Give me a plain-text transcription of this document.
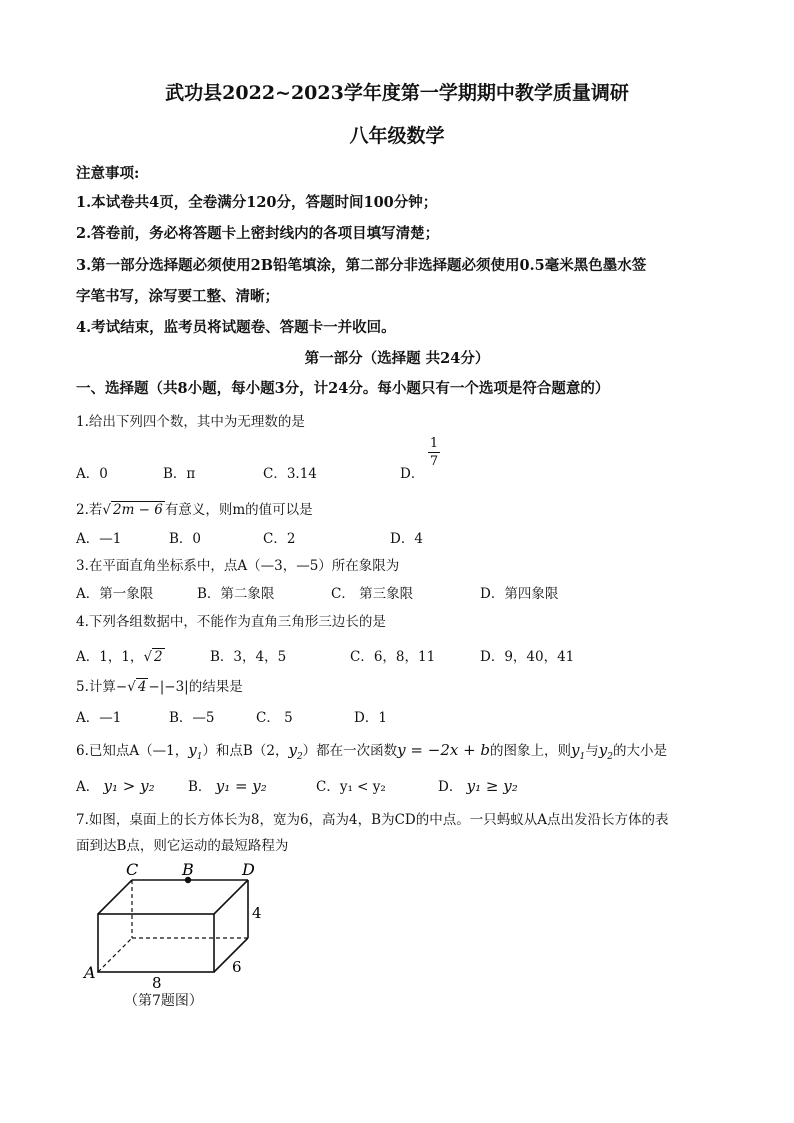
武功县2022~2023学年度第一学期期中教学质量调研
八年级数学
注意事项:
1.本试卷共4页，全卷满分120分，答题时间100分钟；
2.答卷前，务必将答题卡上密封线内的各项目填写清楚；
3.第一部分选择题必须使用2B铅笔填涂，第二部分非选择题必须使用0.5毫米黑色墨水签
字笔书写，涂写要工整、清晰；
4.考试结束，监考员将试题卷、答题卡一并收回。
第一部分（选择题 共24分）
一、选择题（共8小题，每小题3分，计24分。每小题只有一个选项是符合题意的）
1.给出下列四个数，其中为无理数的是
A．0	B．π	C．3.14	D．
$\frac{1}{7}$
2.若√ 2m − 6 有意义，则m的值可以是
A．—1	B．0	C．2	D．4
3.在平面直角坐标系中，点A（—3，—5）所在象限为
A．第一象限	B．第二象限	C． 第三象限	D．第四象限
4.下列各组数据中，不能作为直角三角形三边长的是
A．1，1，√ 2	B．3，4，5	C．6，8，11	D．9，40，41
5.计算−√ 4 −|−3|的结果是
A．—1	B．—5	C． 5	D．1
6.已知点A（—1，$y_1$）和点B（2，$y_2$）都在一次函数y = −2x + b的图象上，则$y_1$与$y_2$的大小是
A． y₁ > y₂ B． y₁ = y₂	C．y₁ < y₂	D． y₁ ≥ y₂
7.如图，桌面上的长方体长为8，宽为6，高为4，B为CD的中点。一只蚂蚁从A点出发沿长方体的表
面到达B点，则它运动的最短路程为
C	B	D
A
4
6
8
（第7题图）
